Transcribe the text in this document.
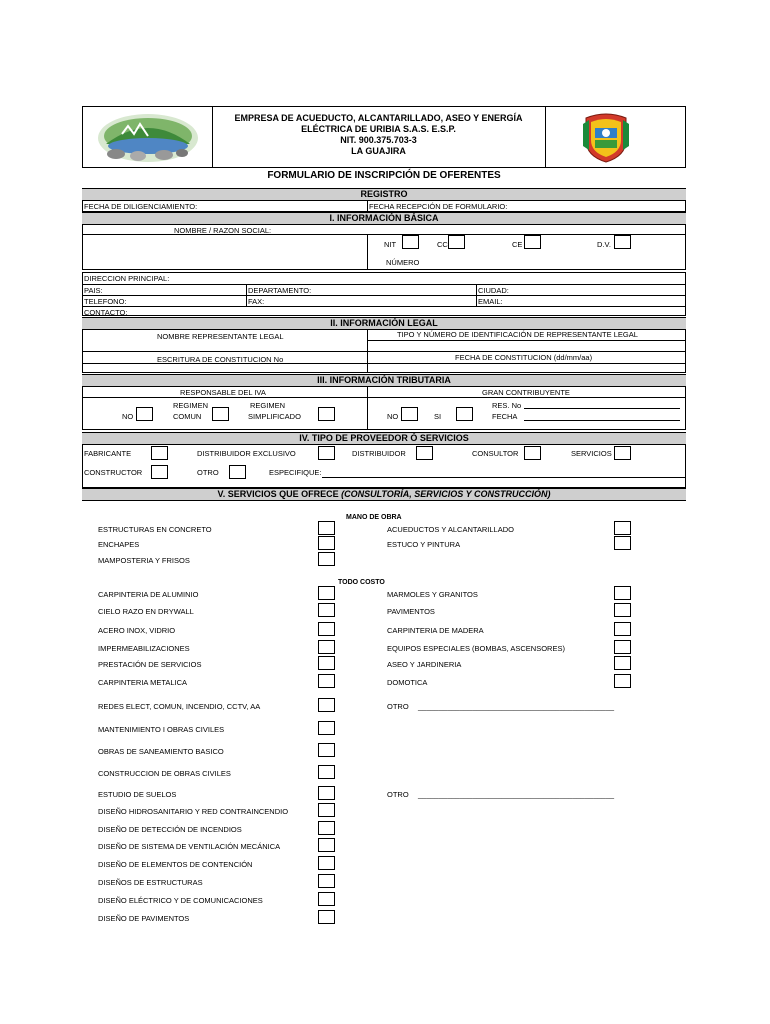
EMPRESA DE ACUEDUCTO, ALCANTARILLADO, ASEO Y ENERGÍA
ELÉCTRICA DE URIBIA S.A.S. E.S.P.
NIT. 900.375.703-3
LA GUAJIRA
FORMULARIO DE INSCRIPCIÓN DE OFERENTES
REGISTRO
FECHA DE DILIGENCIAMIENTO:	FECHA RECEPCIÓN DE FORMULARIO:
I. INFORMACIÓN BÁSICA
NOMBRE / RAZON SOCIAL:
NIT	CC	CE	D.V.
NÚMERO
DIRECCION PRINCIPAL:
PAIS:	DEPARTAMENTO:	CIUDAD:
TELEFONO:	FAX:	EMAIL:
CONTACTO:
II. INFORMACIÓN LEGAL
NOMBRE REPRESENTANTE LEGAL	TIPO Y NÚMERO DE IDENTIFICACIÓN DE REPRESENTANTE LEGAL
ESCRITURA DE CONSTITUCION No	FECHA DE CONSTITUCION (dd/mm/aa)
III. INFORMACIÓN TRIBUTARIA
RESPONSABLE DEL IVA	GRAN CONTRIBUYENTE
NO
REGIMEN
COMUN
REGIMEN
SIMPLIFICADO	NO	SI
RES. No
FECHA
IV. TIPO DE PROVEEDOR Ó SERVICIOS
FABRICANTE	DISTRIBUIDOR EXCLUSIVO	DISTRIBUIDOR	CONSULTOR	SERVICIOS
CONSTRUCTOR	OTRO	ESPECIFIQUE:
V. SERVICIOS QUE OFRECE (CONSULTORÍA, SERVICIOS Y CONSTRUCCIÓN)
MANO DE OBRA
TODO COSTO
ESTRUCTURAS EN CONCRETO
ENCHAPES
MAMPOSTERIA Y FRISOS
ACUEDUCTOS Y ALCANTARILLADO
ESTUCO Y PINTURA
CARPINTERIA DE ALUMINIO
CIELO RAZO EN DRYWALL
ACERO INOX, VIDRIO
IMPERMEABILIZACIONES
PRESTACIÓN DE SERVICIOS
CARPINTERIA METALICA
REDES ELECT, COMUN, INCENDIO, CCTV, AA
MANTENIMIENTO I OBRAS CIVILES
OBRAS DE SANEAMIENTO BASICO
CONSTRUCCION DE OBRAS CIVILES
ESTUDIO DE SUELOS
DISEÑO HIDROSANITARIO Y RED CONTRAINCENDIO
DISEÑO DE DETECCIÓN DE INCENDIOS
DISEÑO DE SISTEMA DE VENTILACIÓN MECÁNICA
DISEÑO DE ELEMENTOS DE CONTENCIÓN
DISEÑOS DE ESTRUCTURAS
DISEÑO ELÉCTRICO Y DE COMUNICACIONES
DISEÑO DE PAVIMENTOS
MARMOLES Y GRANITOS
PAVIMENTOS
CARPINTERIA DE MADERA
EQUIPOS ESPECIALES (BOMBAS, ASCENSORES)
ASEO Y JARDINERIA
DOMOTICA
OTRO _______________________________________________
OTRO _______________________________________________
